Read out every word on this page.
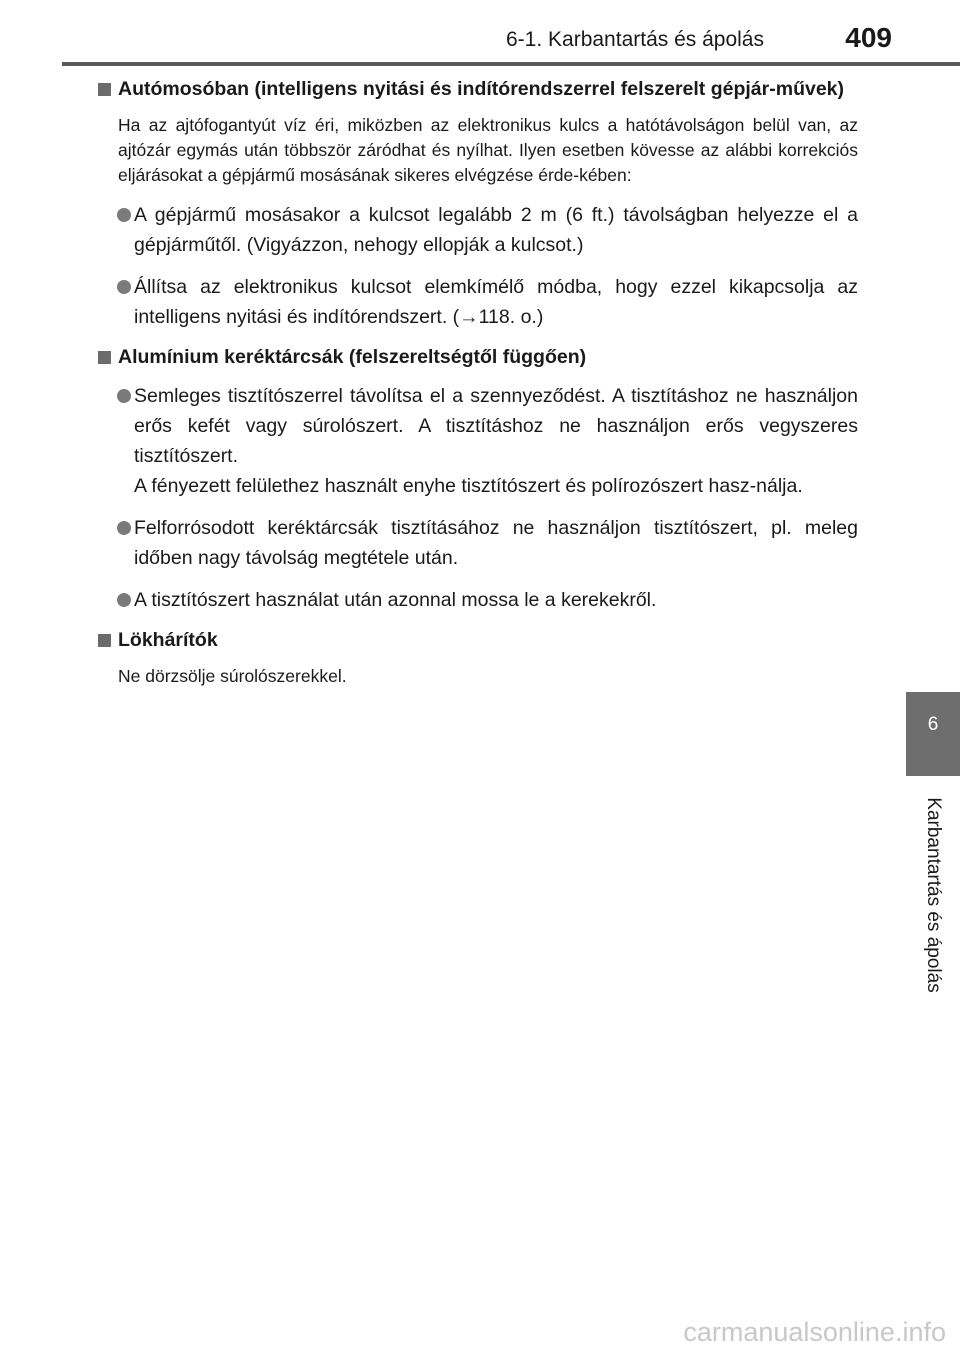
6-1. Karbantartás és ápolás	409
Autómosóban (intelligens nyitási és indítórendszerrel felszerelt gépjár-művek)
Ha az ajtófogantyút víz éri, miközben az elektronikus kulcs a hatótávolságon belül van, az ajtózár egymás után többször záródhat és nyílhat. Ilyen esetben kövesse az alábbi korrekciós eljárásokat a gépjármű mosásának sikeres elvégzése érde-kében:

A gépjármű mosásakor a kulcsot legalább 2 m (6 ft.) távolságban helyezze el a gépjárműtől. (Vigyázzon, nehogy ellopják a kulcsot.)

Állítsa az elektronikus kulcsot elemkímélő módba, hogy ezzel kikapcsolja az intelligens nyitási és indítórendszert. (→118. o.)

Alumínium keréktárcsák (felszereltségtől függően)

Semleges tisztítószerrel távolítsa el a szennyeződést. A tisztításhoz ne használjon erős kefét vagy súrolószert. A tisztításhoz ne használjon erős vegyszeres tisztítószert.

A fényezett felülethez használt enyhe tisztítószert és polírozószert hasz-nálja.

Felforrósodott keréktárcsák tisztításához ne használjon tisztítószert, pl. meleg időben nagy távolság megtétele után.

A tisztítószert használat után azonnal mossa le a kerekekről.

Lökhárítók
Ne dörzsölje súrolószerekkel.
6
Karbantartás és ápolás
carmanualsonline.info
